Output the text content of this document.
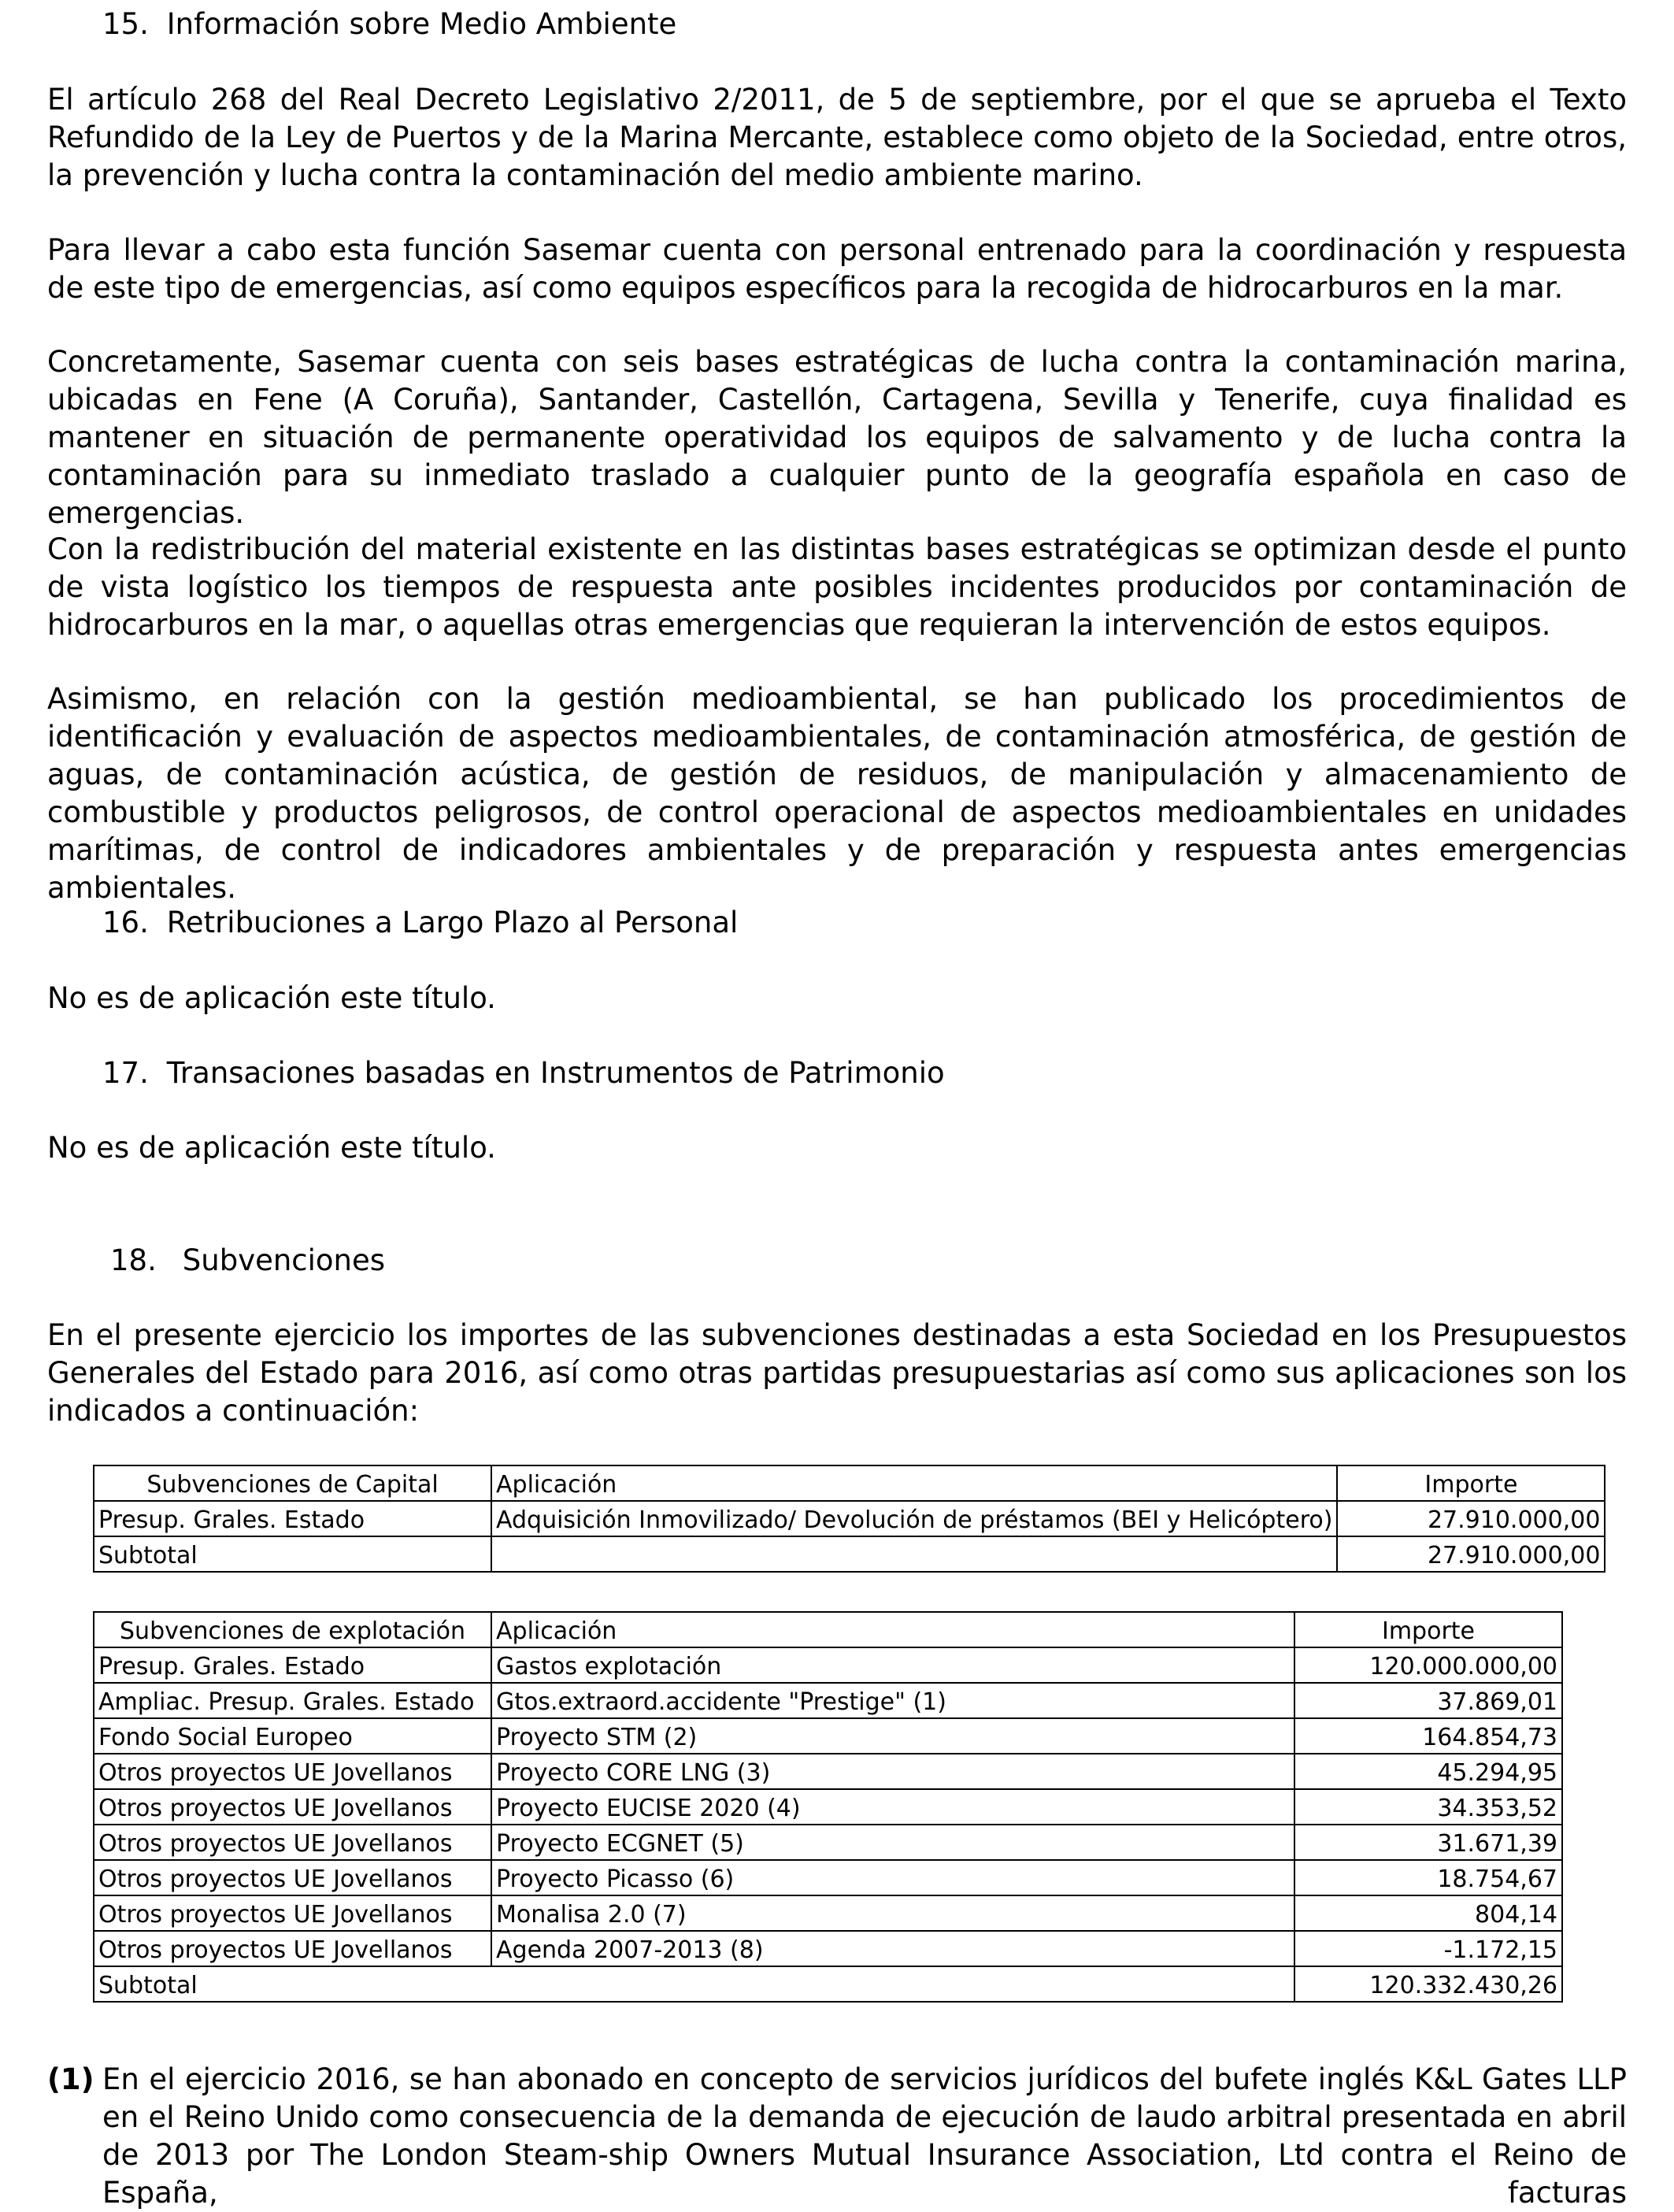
15. Información sobre Medio Ambiente
El artículo 268 del Real Decreto Legislativo 2/2011, de 5 de septiembre, por el que se aprueba el Texto Refundido de la Ley de Puertos y de la Marina Mercante, establece como objeto de la Sociedad, entre otros, la prevención y lucha contra la contaminación del medio ambiente marino.
Para llevar a cabo esta función Sasemar cuenta con personal entrenado para la coordinación y respuesta de este tipo de emergencias, así como equipos específicos para la recogida de hidrocarburos en la mar.
Concretamente, Sasemar cuenta con seis bases estratégicas de lucha contra la contaminación marina, ubicadas en Fene (A Coruña), Santander, Castellón, Cartagena, Sevilla y Tenerife, cuya finalidad es mantener en situación de permanente operatividad los equipos de salvamento y de lucha contra la contaminación para su inmediato traslado a cualquier punto de la geografía española en caso de emergencias.
Con la redistribución del material existente en las distintas bases estratégicas se optimizan desde el punto de vista logístico los tiempos de respuesta ante posibles incidentes producidos por contaminación de hidrocarburos en la mar, o aquellas otras emergencias que requieran la intervención de estos equipos.
Asimismo, en relación con la gestión medioambiental, se han publicado los procedimientos de identificación y evaluación de aspectos medioambientales, de contaminación atmosférica, de gestión de aguas, de contaminación acústica, de gestión de residuos, de manipulación y almacenamiento de combustible y productos peligrosos, de control operacional de aspectos medioambientales en unidades marítimas, de control de indicadores ambientales y de preparación y respuesta antes emergencias ambientales.
16. Retribuciones a Largo Plazo al Personal
No es de aplicación este título.
17. Transaciones basadas en Instrumentos de Patrimonio
No es de aplicación este título.
18. Subvenciones
En el presente ejercicio los importes de las subvenciones destinadas a esta Sociedad en los Presupuestos Generales del Estado para 2016, así como otras partidas presupuestarias así como sus aplicaciones son los indicados a continuación:
Subvenciones de Capital	Aplicación	Importe
Presup. Grales. Estado	Adquisición Inmovilizado/ Devolución de préstamos (BEI y Helicóptero)	27.910.000,00
Subtotal		27.910.000,00
Subvenciones de explotación	Aplicación	Importe
Presup. Grales. Estado	Gastos explotación	120.000.000,00
Ampliac. Presup. Grales. Estado	Gtos.extraord.accidente "Prestige" (1)	37.869,01
Fondo Social Europeo	Proyecto STM (2)	164.854,73
Otros proyectos UE Jovellanos	Proyecto CORE LNG (3)	45.294,95
Otros proyectos UE Jovellanos	Proyecto EUCISE 2020 (4)	34.353,52
Otros proyectos UE Jovellanos	Proyecto ECGNET (5)	31.671,39
Otros proyectos UE Jovellanos	Proyecto Picasso (6)	18.754,67
Otros proyectos UE Jovellanos	Monalisa 2.0 (7)	804,14
Otros proyectos UE Jovellanos	Agenda 2007-2013 (8)	-1.172,15
Subtotal		120.332.430,26
(1) En el ejercicio 2016, se han abonado en concepto de servicios jurídicos del bufete inglés K&L Gates LLP en el Reino Unido como consecuencia de la demanda de ejecución de laudo arbitral presentada en abril de 2013 por The London Steam-ship Owners Mutual Insurance Association, Ltd contra el Reino de España, facturas
